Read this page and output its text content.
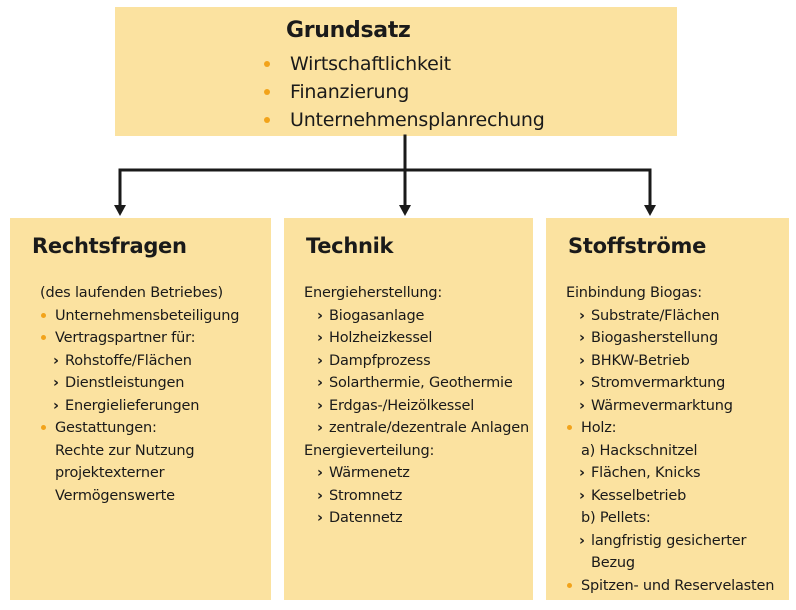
Grundsatz
Wirtschaftlichkeit
Finanzierung
Unternehmensplanrechung
Rechtsfragen
(des laufenden Betriebes)
Unternehmensbeteiligung
Vertragspartner für:
› Rohstoffe/Flächen
› Dienstleistungen
› Energielieferungen
Gestattungen:
Rechte zur Nutzung
projektexterner
Vermögenswerte
Technik
Energieherstellung:
› Biogasanlage
› Holzheizkessel
› Dampfprozess
› Solarthermie, Geothermie
› Erdgas-/Heizölkessel
› zentrale/dezentrale Anlagen
Energieverteilung:
› Wärmenetz
› Stromnetz
› Datennetz
Stoffströme
Einbindung Biogas:
› Substrate/Flächen
› Biogasherstellung
› BHKW-Betrieb
› Stromvermarktung
› Wärmevermarktung
Holz:
a) Hackschnitzel
› Flächen, Knicks
› Kesselbetrieb
b) Pellets:
› langfristig gesicherter
Bezug
Spitzen- und Reservelasten
